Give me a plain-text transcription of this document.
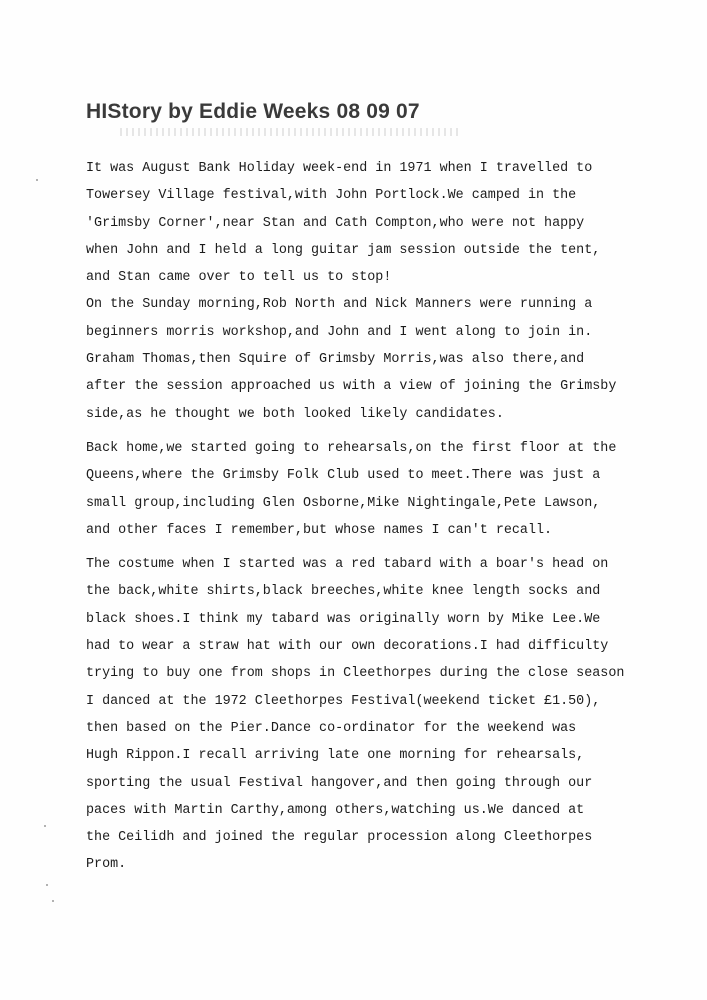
HIStory by Eddie Weeks 08 09 07
It was August Bank Holiday week-end in 1971 when I travelled to
Towersey Village festival,with John Portlock.We camped in the
'Grimsby Corner',near Stan and Cath Compton,who were not happy
when John and I held a long guitar jam session outside the tent,
and Stan came over to tell us to stop!
On the Sunday morning,Rob North and Nick Manners were running a
beginners morris workshop,and John and I went along to join in.
Graham Thomas,then Squire of Grimsby Morris,was also there,and
after the session approached us with a view of joining the Grimsby
side,as he thought we both looked likely candidates.
Back home,we started going to rehearsals,on the first floor at the
Queens,where the Grimsby Folk Club used to meet.There was just a
small group,including Glen Osborne,Mike Nightingale,Pete Lawson,
and other faces I remember,but whose names I can't recall.
The costume when I started was a red tabard with a boar's head on
the back,white shirts,black breeches,white knee length socks and
black shoes.I think my tabard was originally worn by Mike Lee.We
had to wear a straw hat with our own decorations.I had difficulty
trying to buy one from shops in Cleethorpes during the close season
I danced at the 1972 Cleethorpes Festival(weekend ticket £1.50),
then based on the Pier.Dance co-ordinator for the weekend was
Hugh Rippon.I recall arriving late one morning for rehearsals,
sporting the usual Festival hangover,and then going through our
paces with Martin Carthy,among others,watching us.We danced at
the Ceilidh and joined the regular procession along Cleethorpes
Prom.
